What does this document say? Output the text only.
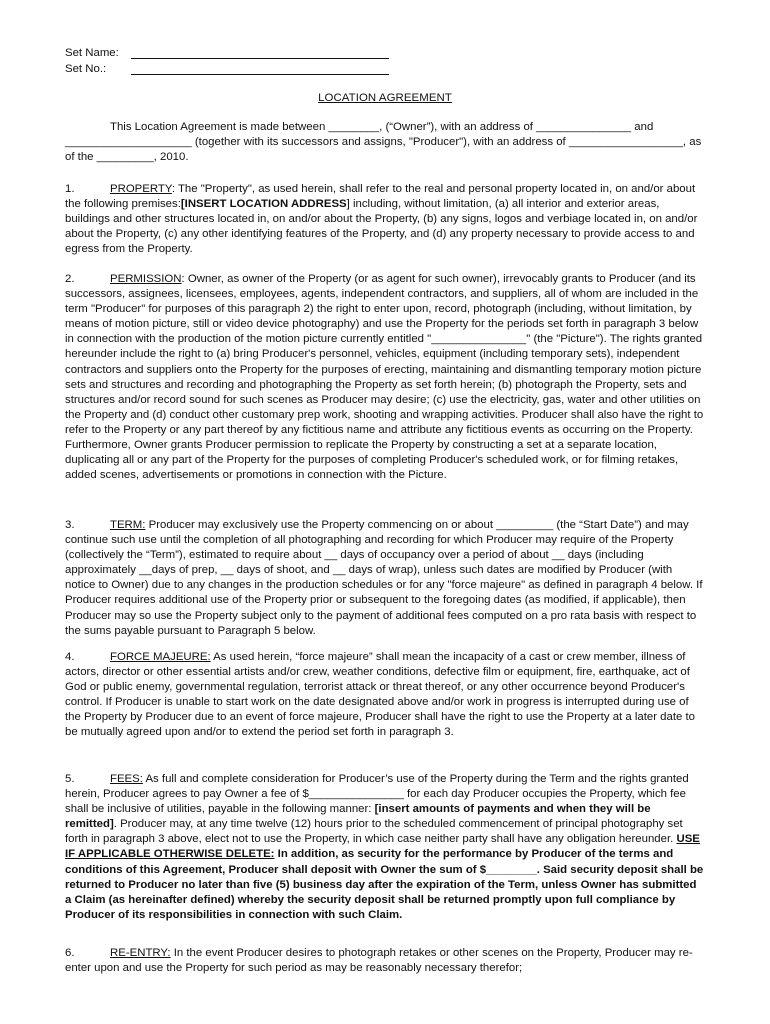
Set Name:
Set No.:
LOCATION AGREEMENT

This Location Agreement is made between ________, (“Owner”), with an address of _______________ and ____________________ (together with its successors and assigns, "Producer"), with an address of __________________, as of the _________, 2010.

1.	PROPERTY: The "Property", as used herein, shall refer to the real and personal property located in, on and/or about the following premises:[INSERT LOCATION ADDRESS] including, without limitation, (a) all interior and exterior areas, buildings and other structures located in, on and/or about the Property, (b) any signs, logos and verbiage located in, on and/or about the Property, (c) any other identifying features of the Property, and (d) any property necessary to provide access to and egress from the Property.

2.	PERMISSION: Owner, as owner of the Property (or as agent for such owner), irrevocably grants to Producer (and its successors, assignees, licensees, employees, agents, independent contractors, and suppliers, all of whom are included in the term "Producer" for purposes of this paragraph 2) the right to enter upon, record, photograph (including, without limitation, by means of motion picture, still or video device photography) and use the Property for the periods set forth in paragraph 3 below in connection with the production of the motion picture currently entitled "_______________" (the "Picture"). The rights granted hereunder include the right to (a) bring Producer's personnel, vehicles, equipment (including temporary sets), independent contractors and suppliers onto the Property for the purposes of erecting, maintaining and dismantling temporary motion picture sets and structures and recording and photographing the Property as set forth herein; (b) photograph the Property, sets and structures and/or record sound for such scenes as Producer may desire; (c) use the electricity, gas, water and other utilities on the Property and (d) conduct other customary prep work, shooting and wrapping activities. Producer shall also have the right to refer to the Property or any part thereof by any fictitious name and attribute any fictitious events as occurring on the Property. Furthermore, Owner grants Producer permission to replicate the Property by constructing a set at a separate location, duplicating all or any part of the Property for the purposes of completing Producer's scheduled work, or for filming retakes, added scenes, advertisements or promotions in connection with the Picture.

3.	TERM: Producer may exclusively use the Property commencing on or about _________ (the “Start Date”) and may continue such use until the completion of all photographing and recording for which Producer may require of the Property (collectively the “Term”), estimated to require about __ days of occupancy over a period of about __ days (including approximately __days of prep, __ days of shoot, and __ days of wrap), unless such dates are modified by Producer (with notice to Owner) due to any changes in the production schedules or for any "force majeure" as defined in paragraph 4 below. If Producer requires additional use of the Property prior or subsequent to the foregoing dates (as modified, if applicable), then Producer may so use the Property subject only to the payment of additional fees computed on a pro rata basis with respect to the sums payable pursuant to Paragraph 5 below.

4.	FORCE MAJEURE: As used herein, “force majeure” shall mean the incapacity of a cast or crew member, illness of actors, director or other essential artists and/or crew, weather conditions, defective film or equipment, fire, earthquake, act of God or public enemy, governmental regulation, terrorist attack or threat thereof, or any other occurrence beyond Producer's control. If Producer is unable to start work on the date designated above and/or work in progress is interrupted during use of the Property by Producer due to an event of force majeure, Producer shall have the right to use the Property at a later date to be mutually agreed upon and/or to extend the period set forth in paragraph 3.

5.	FEES: As full and complete consideration for Producer’s use of the Property during the Term and the rights granted herein, Producer agrees to pay Owner a fee of $_______________ for each day Producer occupies the Property, which fee shall be inclusive of utilities, payable in the following manner: [insert amounts of payments and when they will be remitted]. Producer may, at any time twelve (12) hours prior to the scheduled commencement of principal photography set forth in paragraph 3 above, elect not to use the Property, in which case neither party shall have any obligation hereunder. USE IF APPLICABLE OTHERWISE DELETE: In addition, as security for the performance by Producer of the terms and conditions of this Agreement, Producer shall deposit with Owner the sum of $________. Said security deposit shall be returned to Producer no later than five (5) business day after the expiration of the Term, unless Owner has submitted a Claim (as hereinafter defined) whereby the security deposit shall be returned promptly upon full compliance by Producer of its responsibilities in connection with such Claim.

6.	RE-ENTRY: In the event Producer desires to photograph retakes or other scenes on the Property, Producer may re-enter upon and use the Property for such period as may be reasonably necessary therefor;
